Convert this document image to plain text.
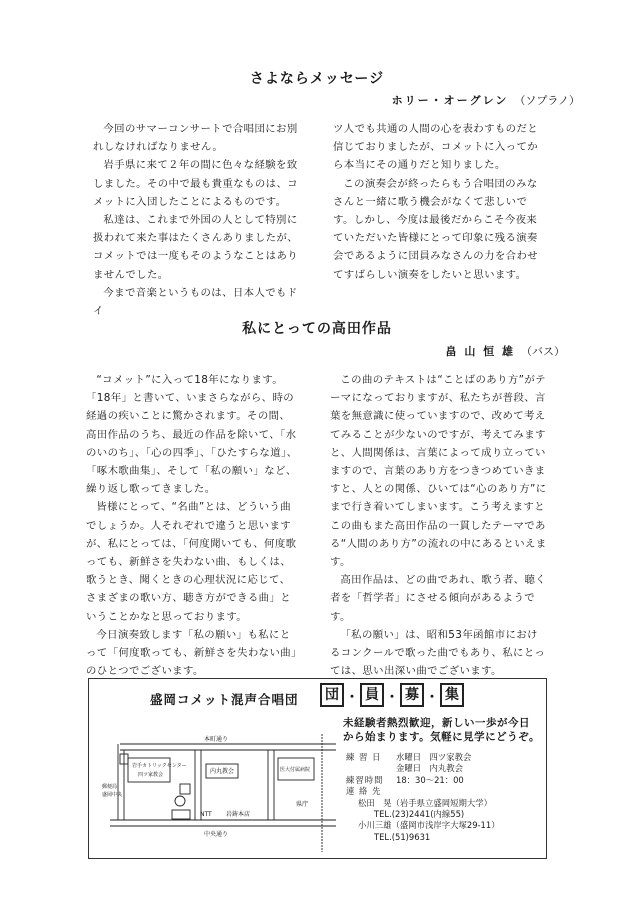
さよならメッセージ
ホリー・オーグレン （ソプラノ）

今回のサマーコンサートで合唱団にお別れしなければなりません。

岩手県に来て２年の間に色々な経験を致しました。その中で最も貴重なものは、コメットに入団したことによるものです。

私達は、これまで外国の人として特別に扱われて来た事はたくさんありましたが、コメットでは一度もそのようなことはありませんでした。

今まで音楽というものは、日本人でもドイ

ツ人でも共通の人間の心を表わすものだと信じておりましたが、コメットに入ってから本当にその通りだと知りました。

この演奏会が終ったらもう合唱団のみなさんと一緒に歌う機会がなくて悲しいです。しかし、今度は最後だからこそ今夜来ていただいた皆様にとって印象に残る演奏会であるように団員みなさんの力を合わせてすばらしい演奏をしたいと思います。

私にとっての高田作品
畠 山 恒 雄 （バス）

“コメット”に入って18年になります。「18年」と書いて、いまさらながら、時の経過の疾いことに驚かされます。その間、高田作品のうち、最近の作品を除いて、「水のいのち」、「心の四季」、「ひたすらな道」、「啄木歌曲集」、そして「私の願い」など、繰り返し歌ってきました。

皆様にとって、“名曲”とは、どういう曲でしょうか。人それぞれで違うと思いますが、私にとっては、「何度聞いても、何度歌っても、新鮮さを失わない曲、もしくは、歌うとき、聞くときの心理状況に応じて、さまざまの歌い方、聴き方ができる曲」ということかなと思っております。

今日演奏致します「私の願い」も私にとって「何度歌っても、新鮮さを失わない曲」のひとつでございます。

この曲のテキストは“ことばのあり方”がテーマになっておりますが、私たちが普段、言葉を無意識に使っていますので、改めて考えてみることが少ないのですが、考えてみますと、人間関係は、言葉によって成り立っていますので、言葉のあり方をつきつめていきますと、人との関係、ひいては“心のあり方”にまで行き着いてしまいます。こう考えますとこの曲もまた高田作品の一貫したテーマである“人間のあり方”の流れの中にあるといえます。

高田作品は、どの曲であれ、歌う者、聴く者を「哲学者」にさせる傾向があるようです。

「私の願い」は、昭和53年函館市におけるコンクールで歌った曲でもあり、私にとっては、思い出深い曲でございます。

盛岡コメット混声合唱団	団 ・ 員 ・ 募 ・ 集
未経験者熱烈歓迎，新しい一歩が今日
から始まります。気軽に見学にどうぞ。
練 習 日	水曜日　四ツ家教会
金曜日　内丸教会
練習時間	18：30～21：00
連 絡 先
松田　晃（岩手県立盛岡短期大学）
TEL.(23)2441(内線55)
小川三雄（盛岡市浅岸字大塚29-11）
TEL.(51)9631
本町通り
中央通り
岩手カトリックセンター
四ツ家教会	内丸教会
郵便局
盛岡中央
医大付属病院
NTT 岩鋳本店
県庁
